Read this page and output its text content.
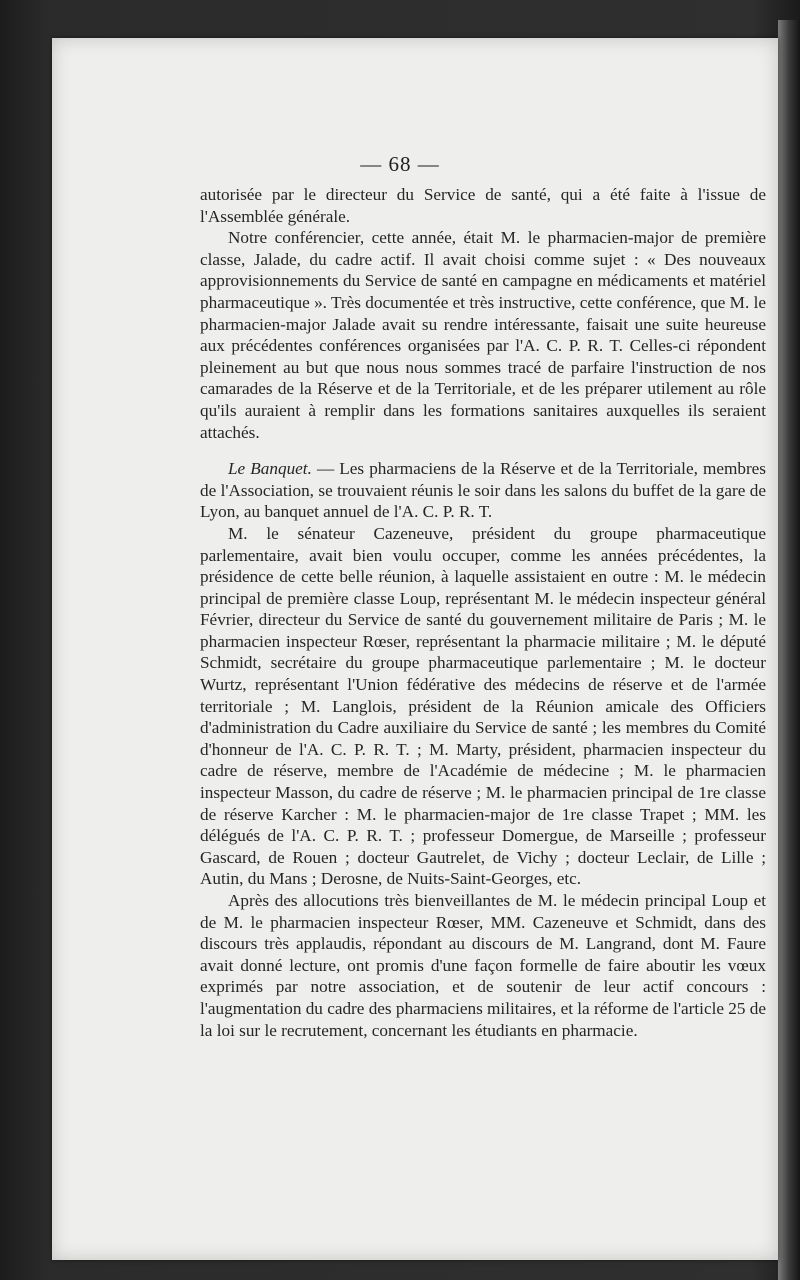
— 68 —

autorisée par le directeur du Service de santé, qui a été faite à l'issue de l'Assemblée générale.

Notre conférencier, cette année, était M. le pharmacien-major de première classe, Jalade, du cadre actif. Il avait choisi comme sujet : « Des nouveaux approvisionnements du Service de santé en campagne en médicaments et matériel pharmaceutique ». Très documentée et très instructive, cette conférence, que M. le pharmacien-major Jalade avait su rendre intéressante, faisait une suite heureuse aux précédentes conférences organisées par l'A. C. P. R. T. Celles-ci répondent pleinement au but que nous nous sommes tracé de parfaire l'instruction de nos camarades de la Réserve et de la Territoriale, et de les préparer utilement au rôle qu'ils auraient à remplir dans les formations sanitaires auxquelles ils seraient attachés.

Le Banquet. — Les pharmaciens de la Réserve et de la Territoriale, membres de l'Association, se trouvaient réunis le soir dans les salons du buffet de la gare de Lyon, au banquet annuel de l'A. C. P. R. T.

M. le sénateur Cazeneuve, président du groupe pharmaceutique parlementaire, avait bien voulu occuper, comme les années précédentes, la présidence de cette belle réunion, à laquelle assistaient en outre : M. le médecin principal de première classe Loup, représentant M. le médecin inspecteur général Février, directeur du Service de santé du gouvernement militaire de Paris ; M. le pharmacien inspecteur Rœser, représentant la pharmacie militaire ; M. le député Schmidt, secrétaire du groupe pharmaceutique parlementaire ; M. le docteur Wurtz, représentant l'Union fédérative des médecins de réserve et de l'armée territoriale ; M. Langlois, président de la Réunion amicale des Officiers d'administration du Cadre auxiliaire du Service de santé ; les membres du Comité d'honneur de l'A. C. P. R. T. ; M. Marty, président, pharmacien inspecteur du cadre de réserve, membre de l'Académie de médecine ; M. le pharmacien inspecteur Masson, du cadre de réserve ; M. le pharmacien principal de 1re classe de réserve Karcher : M. le pharmacien-major de 1re classe Trapet ; MM. les délégués de l'A. C. P. R. T. ; professeur Domergue, de Marseille ; professeur Gascard, de Rouen ; docteur Gautrelet, de Vichy ; docteur Leclair, de Lille ; Autin, du Mans ; Derosne, de Nuits-Saint-Georges, etc.

Après des allocutions très bienveillantes de M. le médecin principal Loup et de M. le pharmacien inspecteur Rœser, MM. Cazeneuve et Schmidt, dans des discours très applaudis, répondant au discours de M. Langrand, dont M. Faure avait donné lecture, ont promis d'une façon formelle de faire aboutir les vœux exprimés par notre association, et de soutenir de leur actif concours : l'augmentation du cadre des pharmaciens militaires, et la réforme de l'article 25 de la loi sur le recrutement, concernant les étudiants en pharmacie.
